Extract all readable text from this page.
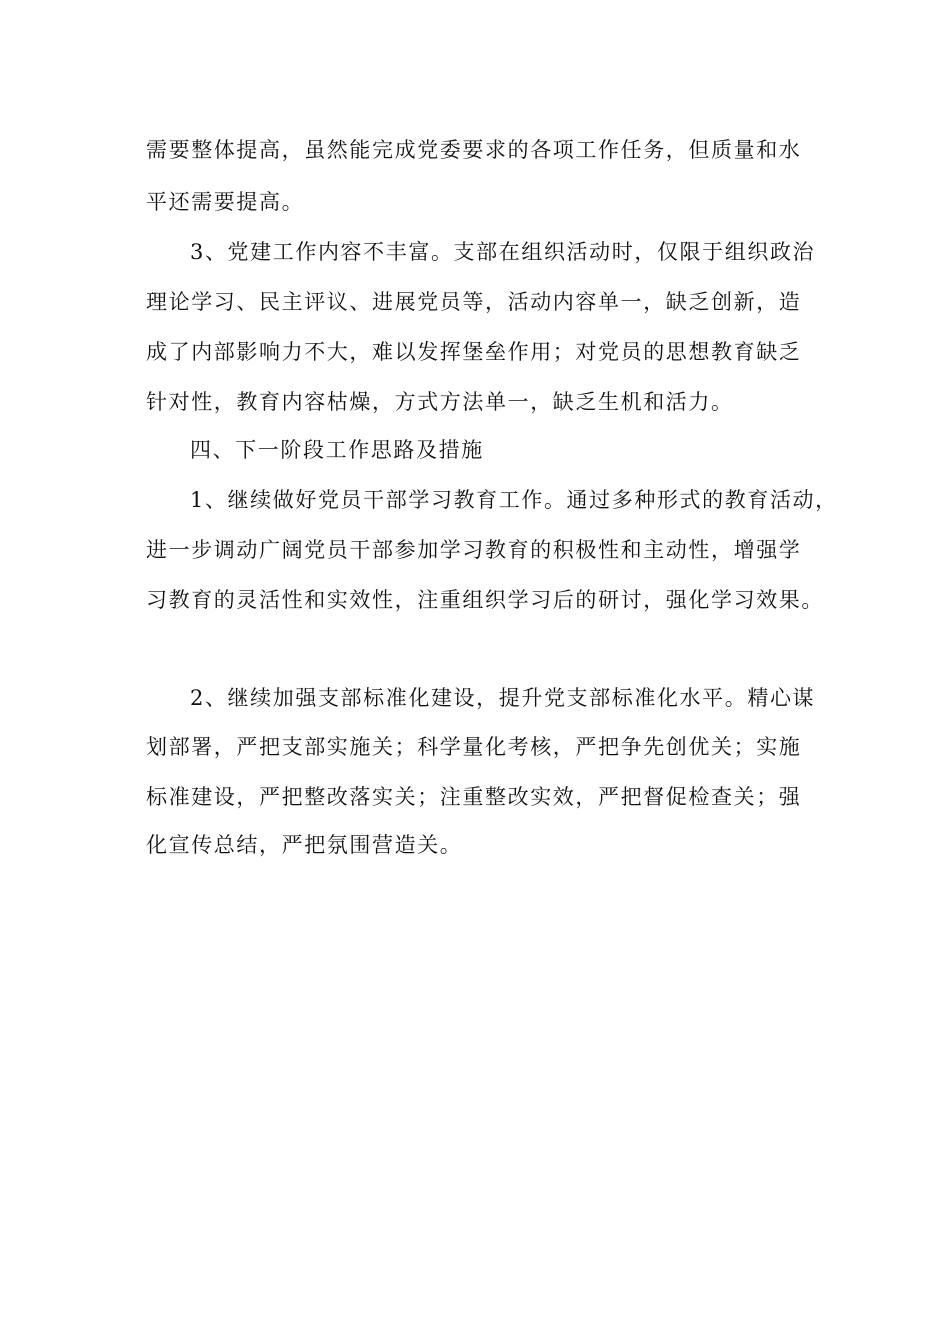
需要整体提高，虽然能完成党委要求的各项工作任务，但质量和水
平还需要提高。
3、党建工作内容不丰富。支部在组织活动时，仅限于组织政治
理论学习、民主评议、进展党员等，活动内容单一，缺乏创新，造
成了内部影响力不大，难以发挥堡垒作用；对党员的思想教育缺乏
针对性，教育内容枯燥，方式方法单一，缺乏生机和活力。
四、下一阶段工作思路及措施
1、继续做好党员干部学习教育工作。通过多种形式的教育活动，
进一步调动广阔党员干部参加学习教育的积极性和主动性，增强学
习教育的灵活性和实效性，注重组织学习后的研讨，强化学习效果。
2、继续加强支部标准化建设，提升党支部标准化水平。精心谋
划部署，严把支部实施关；科学量化考核，严把争先创优关；实施
标准建设，严把整改落实关；注重整改实效，严把督促检查关；强
化宣传总结，严把氛围营造关。
